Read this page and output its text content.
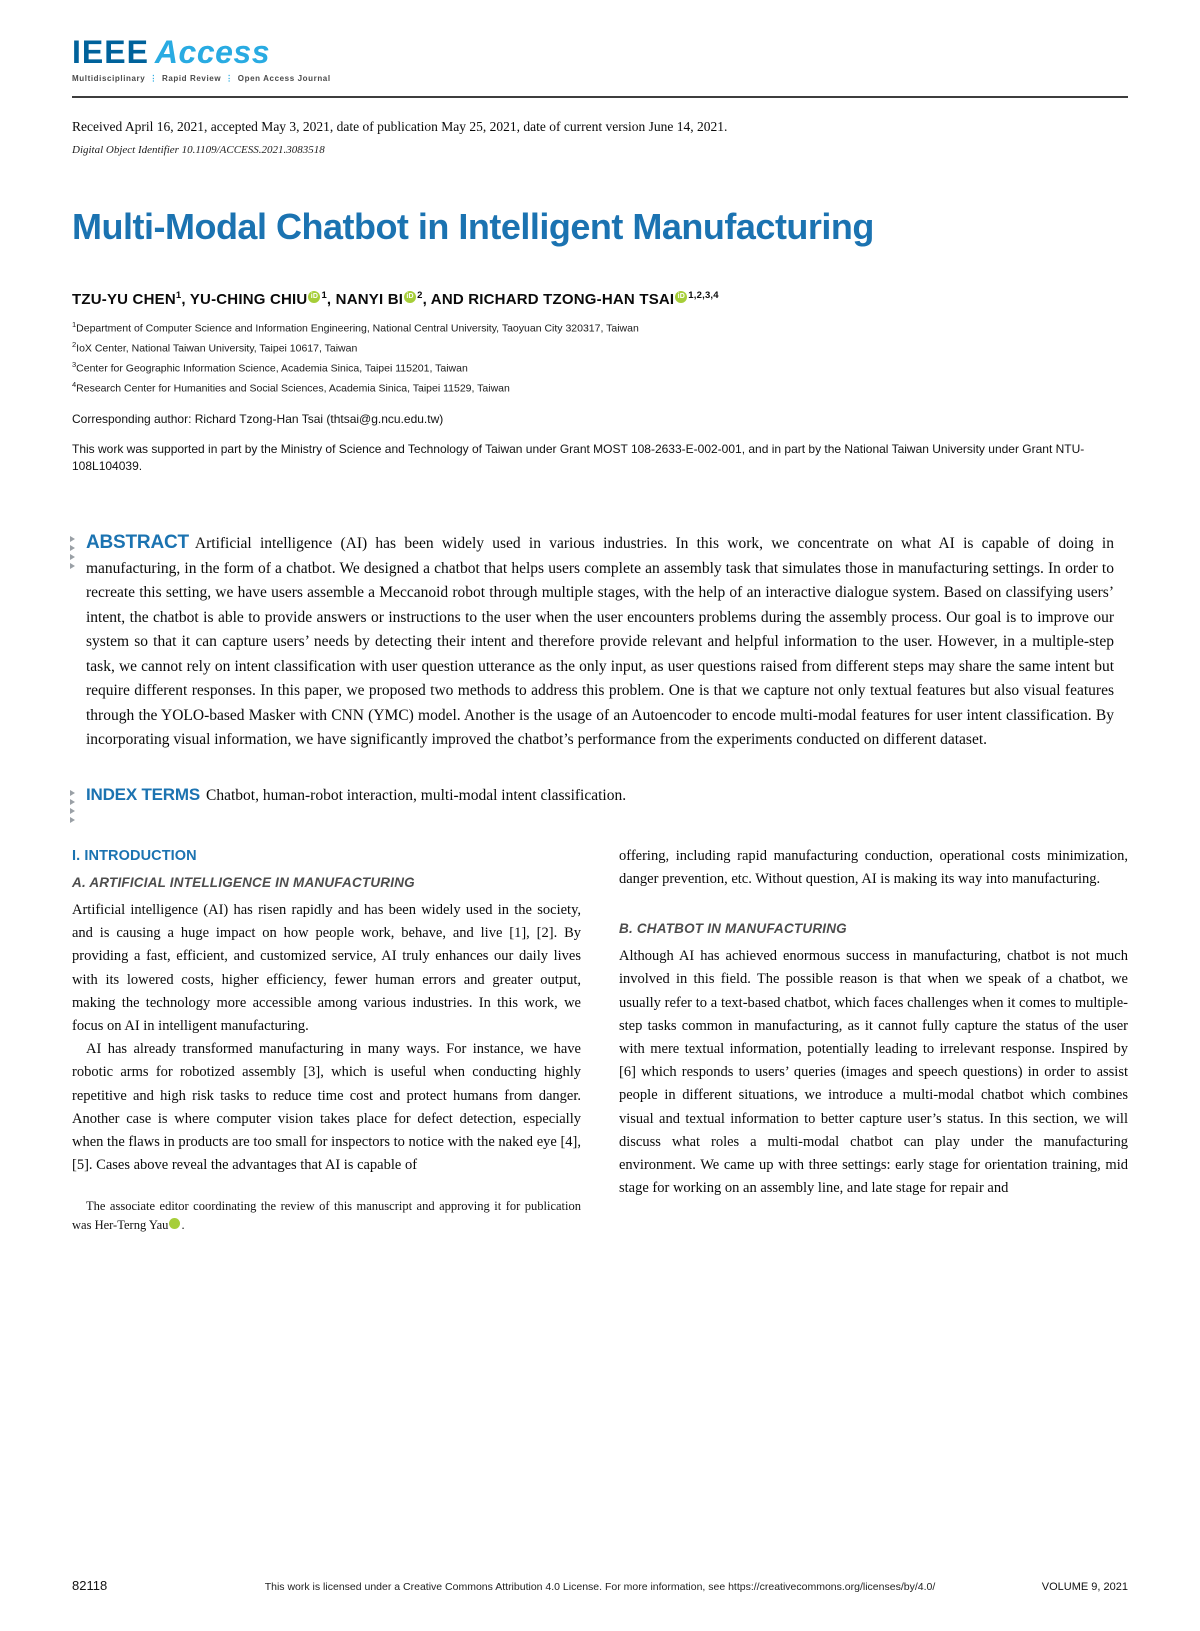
IEEE Access
Multidisciplinary ⋮ Rapid Review ⋮ Open Access Journal
Received April 16, 2021, accepted May 3, 2021, date of publication May 25, 2021, date of current version June 14, 2021.
Digital Object Identifier 10.1109/ACCESS.2021.3083518
Multi-Modal Chatbot in Intelligent Manufacturing
TZU-YU CHEN$^1$, YU-CHING CHIU iD $^1$, NANYI BI iD $^2$, AND RICHARD TZONG-HAN TSAI iD $^{1,2,3,4}$
$^1$Department of Computer Science and Information Engineering, National Central University, Taoyuan City 320317, Taiwan
$^2$IoX Center, National Taiwan University, Taipei 10617, Taiwan
$^3$Center for Geographic Information Science, Academia Sinica, Taipei 115201, Taiwan
$^4$Research Center for Humanities and Social Sciences, Academia Sinica, Taipei 11529, Taiwan
Corresponding author: Richard Tzong-Han Tsai (thtsai@g.ncu.edu.tw)
This work was supported in part by the Ministry of Science and Technology of Taiwan under Grant MOST 108-2633-E-002-001, and in part by the National Taiwan University under Grant NTU-108L104039.
ABSTRACT Artificial intelligence (AI) has been widely used in various industries. In this work, we concentrate on what AI is capable of doing in manufacturing, in the form of a chatbot. We designed a chatbot that helps users complete an assembly task that simulates those in manufacturing settings. In order to recreate this setting, we have users assemble a Meccanoid robot through multiple stages, with the help of an interactive dialogue system. Based on classifying users’ intent, the chatbot is able to provide answers or instructions to the user when the user encounters problems during the assembly process. Our goal is to improve our system so that it can capture users’ needs by detecting their intent and therefore provide relevant and helpful information to the user. However, in a multiple-step task, we cannot rely on intent classification with user question utterance as the only input, as user questions raised from different steps may share the same intent but require different responses. In this paper, we proposed two methods to address this problem. One is that we capture not only textual features but also visual features through the YOLO-based Masker with CNN (YMC) model. Another is the usage of an Autoencoder to encode multi-modal features for user intent classification. By incorporating visual information, we have significantly improved the chatbot’s performance from the experiments conducted on different dataset.
INDEX TERMS Chatbot, human-robot interaction, multi-modal intent classification.
I. INTRODUCTION
A. ARTIFICIAL INTELLIGENCE IN MANUFACTURING

Artificial intelligence (AI) has risen rapidly and has been widely used in the society, and is causing a huge impact on how people work, behave, and live [1], [2]. By providing a fast, efficient, and customized service, AI truly enhances our daily lives with its lowered costs, higher efficiency, fewer human errors and greater output, making the technology more accessible among various industries. In this work, we focus on AI in intelligent manufacturing.

AI has already transformed manufacturing in many ways. For instance, we have robotic arms for robotized assembly [3], which is useful when conducting highly repetitive and high risk tasks to reduce time cost and protect humans from danger. Another case is where computer vision takes place for defect detection, especially when the flaws in products are too small for inspectors to notice with the naked eye [4], [5]. Cases above reveal the advantages that AI is capable of

The associate editor coordinating the review of this manuscript and approving it for publication was Her-Terng Yau iD.

offering, including rapid manufacturing conduction, operational costs minimization, danger prevention, etc. Without question, AI is making its way into manufacturing.

B. CHATBOT IN MANUFACTURING

Although AI has achieved enormous success in manufacturing, chatbot is not much involved in this field. The possible reason is that when we speak of a chatbot, we usually refer to a text-based chatbot, which faces challenges when it comes to multiple-step tasks common in manufacturing, as it cannot fully capture the status of the user with mere textual information, potentially leading to irrelevant response. Inspired by [6] which responds to users’ queries (images and speech questions) in order to assist people in different situations, we introduce a multi-modal chatbot which combines visual and textual information to better capture user’s status. In this section, we will discuss what roles a multi-modal chatbot can play under the manufacturing environment. We came up with three settings: early stage for orientation training, mid stage for working on an assembly line, and late stage for repair and

82118	This work is licensed under a Creative Commons Attribution 4.0 License. For more information, see https://creativecommons.org/licenses/by/4.0/	VOLUME 9, 2021
